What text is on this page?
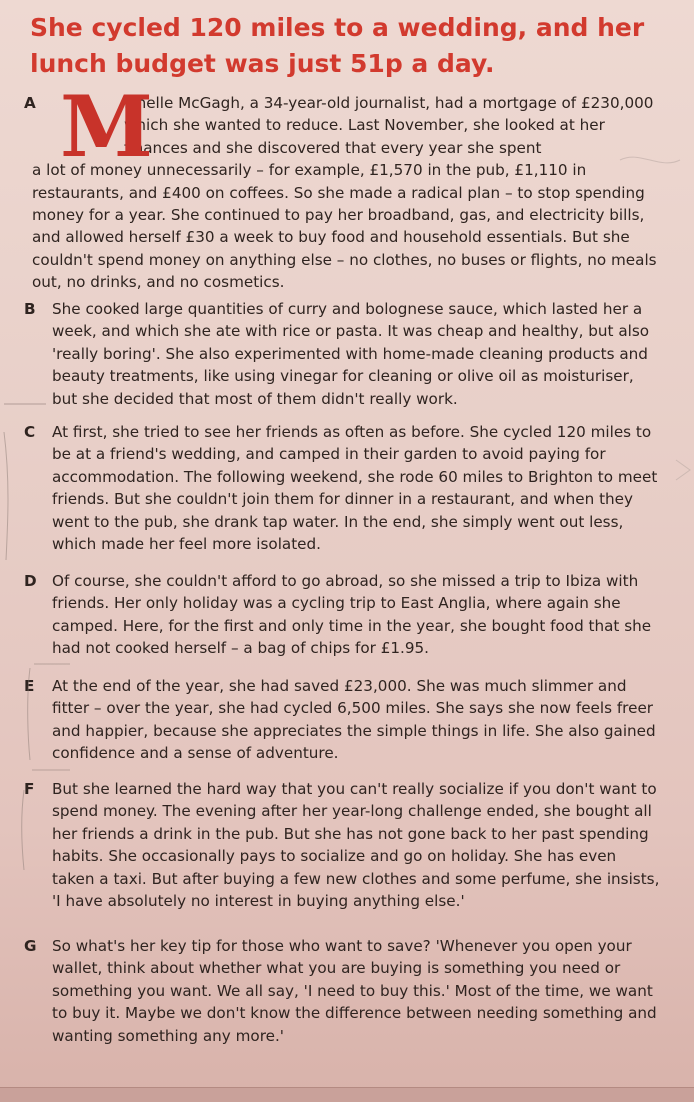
She cycled 120 miles to a wedding, and her lunch budget was just 51p a day.
A M
ichelle McGagh, a 34-year-old journalist, had a mortgage of £230,000 which she wanted to reduce. Last November, she looked at her finances and she discovered that every year she spent
a lot of money unnecessarily – for example, £1,570 in the pub, £1,110 in restaurants, and £400 on coffees. So she made a radical plan – to stop spending money for a year. She continued to pay her broadband, gas, and electricity bills, and allowed herself £30 a week to buy food and household essentials. But she couldn't spend money on anything else – no clothes, no buses or flights, no meals out, no drinks, and no cosmetics.
B	She cooked large quantities of curry and bolognese sauce, which lasted her a week, and which she ate with rice or pasta. It was cheap and healthy, but also 'really boring'. She also experimented with home-made cleaning products and beauty treatments, like using vinegar for cleaning or olive oil as moisturiser, but she decided that most of them didn't really work.
C	At first, she tried to see her friends as often as before. She cycled 120 miles to be at a friend's wedding, and camped in their garden to avoid paying for accommodation. The following weekend, she rode 60 miles to Brighton to meet friends. But she couldn't join them for dinner in a restaurant, and when they went to the pub, she drank tap water. In the end, she simply went out less, which made her feel more isolated.
D	Of course, she couldn't afford to go abroad, so she missed a trip to Ibiza with friends. Her only holiday was a cycling trip to East Anglia, where again she camped. Here, for the first and only time in the year, she bought food that she had not cooked herself – a bag of chips for £1.95.
E	At the end of the year, she had saved £23,000. She was much slimmer and fitter – over the year, she had cycled 6,500 miles. She says she now feels freer and happier, because she appreciates the simple things in life. She also gained confidence and a sense of adventure.
F	But she learned the hard way that you can't really socialize if you don't want to spend money. The evening after her year-long challenge ended, she bought all her friends a drink in the pub. But she has not gone back to her past spending habits. She occasionally pays to socialize and go on holiday. She has even taken a taxi. But after buying a few new clothes and some perfume, she insists, 'I have absolutely no interest in buying anything else.'
G	So what's her key tip for those who want to save? 'Whenever you open your wallet, think about whether what you are buying is something you need or something you want. We all say, 'I need to buy this.' Most of the time, we want to buy it. Maybe we don't know the difference between needing something and wanting something any more.'
